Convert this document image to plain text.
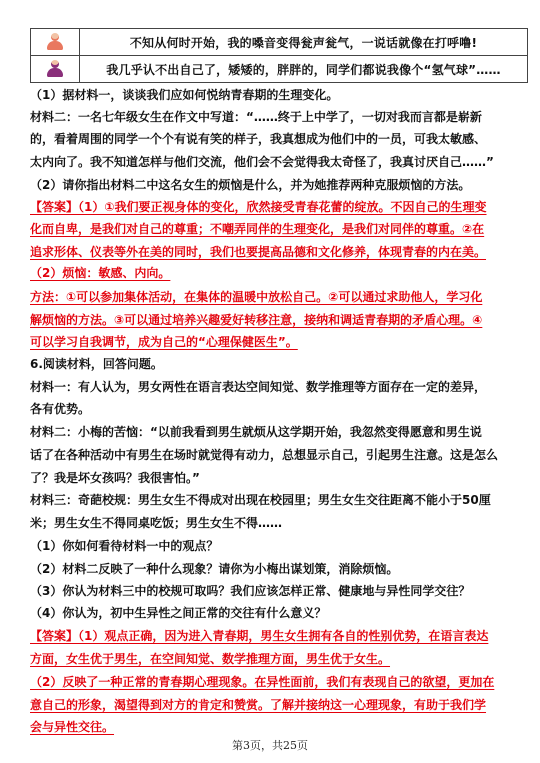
	不知从何时开始，我的嗓音变得瓮声瓮气，一说话就像在打呼噜!

	我几乎认不出自己了，矮矮的，胖胖的，同学们都说我像个“氢气球”……
（1）据材料一，谈谈我们应如何悦纳青春期的生理变化。
材料二：一名七年级女生在作文中写道：“……终于上中学了，一切对我而言都是崭新
的，看着周围的同学一个个有说有笑的样子，我真想成为他们中的一员，可我太敏感、
太内向了。我不知道怎样与他们交流，他们会不会觉得我太奇怪了，我真讨厌自己……”
（2）请你指出材料二中这名女生的烦恼是什么，并为她推荐两种克服烦恼的方法。
【答案】（1）①我们要正视身体的变化，欣然接受青春花蕾的绽放。不因自己的生理变
化而自卑，是我们对自己的尊重；不嘲弄同伴的生理变化，是我们对同伴的尊重。②在
追求形体、仪表等外在美的同时，我们也要提高品德和文化修养，体现青春的内在美。
（2）烦恼：敏感、内向。
方法：①可以参加集体活动，在集体的温暖中放松自己。②可以通过求助他人，学习化
解烦恼的方法。③可以通过培养兴趣爱好转移注意，接纳和调适青春期的矛盾心理。④
可以学习自我调节，成为自己的“心理保健医生”。
6.阅读材料，回答问题。
材料一：有人认为，男女两性在语言表达空间知觉、数学推理等方面存在一定的差异，
各有优势。
材料二：小梅的苦恼：“以前我看到男生就烦从这学期开始，我忽然变得愿意和男生说
话了在各种活动中有男生在场时就觉得有动力，总想显示自己，引起男生注意。这是怎么
了？我是坏女孩吗？我很害怕。”
材料三：奇葩校规：男生女生不得成对出现在校园里；男生女生交往距离不能小于50厘
米；男生女生不得同桌吃饭；男生女生不得……
（1）你如何看待材料一中的观点？
（2）材料二反映了一种什么现象？请你为小梅出谋划策，消除烦恼。
（3）你认为材料三中的校规可取吗？我们应该怎样正常、健康地与异性同学交往？
（4）你认为，初中生异性之间正常的交往有什么意义？
【答案】（1）观点正确，因为进入青春期，男生女生拥有各自的性别优势，在语言表达
方面，女生优于男生，在空间知觉、数学推理方面，男生优于女生。
（2）反映了一种正常的青春期心理现象。在异性面前，我们有表现自己的欲望，更加在
意自己的形象，渴望得到对方的肯定和赞赏。了解并接纳这一心理现象，有助于我们学
会与异性交往。
第3页，共25页
